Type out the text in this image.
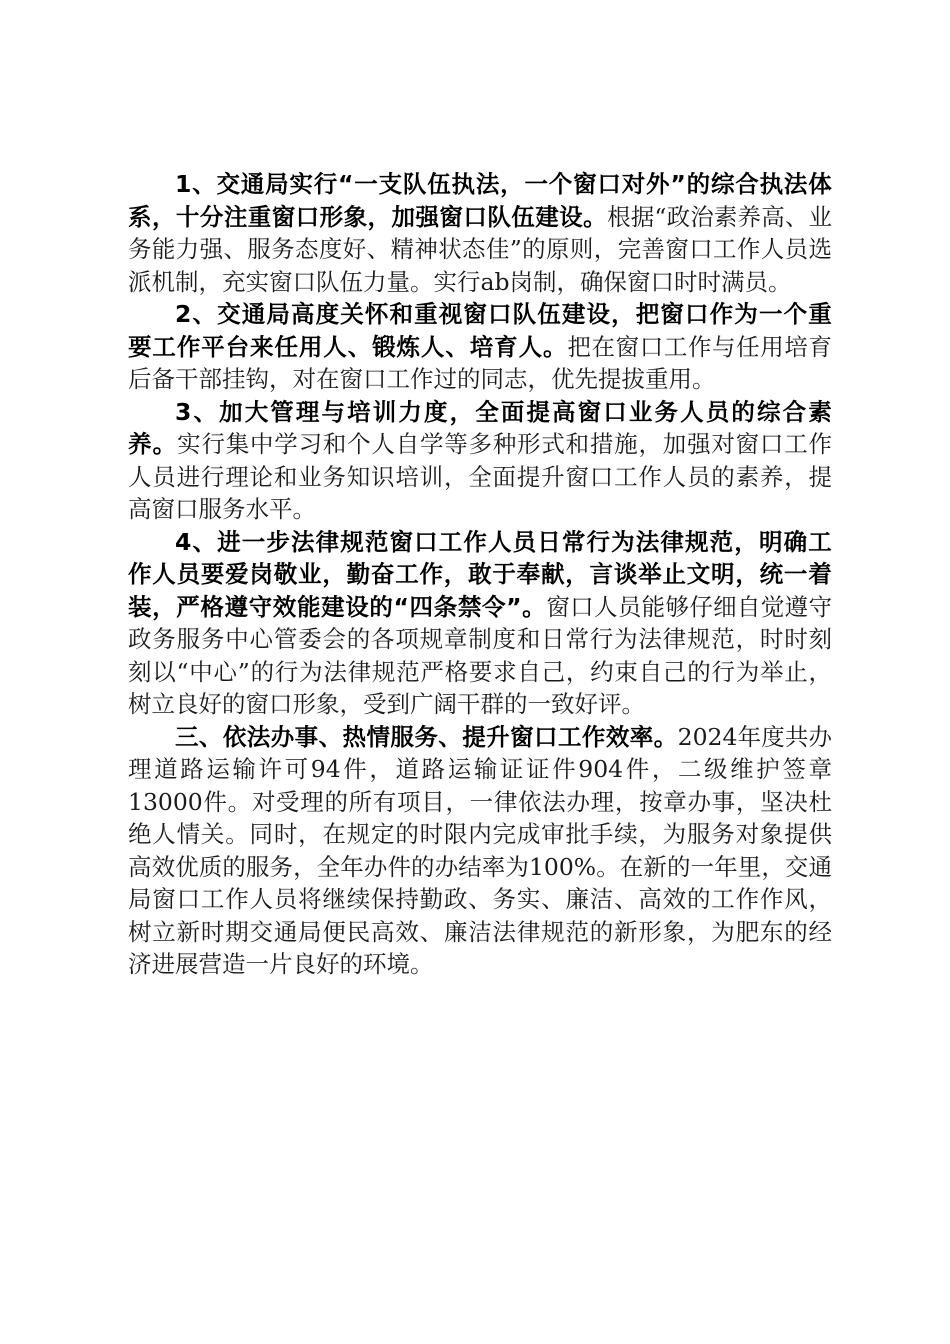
1、交通局实行“一支队伍执法，一个窗口对外”的综合执法体系，十分注重窗口形象，加强窗口队伍建设。根据“政治素养高、业务能力强、服务态度好、精神状态佳”的原则，完善窗口工作人员选派机制，充实窗口队伍力量。实行ab岗制，确保窗口时时满员。

2、交通局高度关怀和重视窗口队伍建设，把窗口作为一个重要工作平台来任用人、锻炼人、培育人。把在窗口工作与任用培育后备干部挂钩，对在窗口工作过的同志，优先提拔重用。

3、加大管理与培训力度，全面提高窗口业务人员的综合素养。实行集中学习和个人自学等多种形式和措施，加强对窗口工作人员进行理论和业务知识培训，全面提升窗口工作人员的素养，提高窗口服务水平。

4、进一步法律规范窗口工作人员日常行为法律规范，明确工作人员要爱岗敬业，勤奋工作，敢于奉献，言谈举止文明，统一着装，严格遵守效能建设的“四条禁令”。窗口人员能够仔细自觉遵守政务服务中心管委会的各项规章制度和日常行为法律规范，时时刻刻以“中心”的行为法律规范严格要求自己，约束自己的行为举止，树立良好的窗口形象，受到广阔干群的一致好评。

三、依法办事、热情服务、提升窗口工作效率。2024年度共办理道路运输许可94件，道路运输证证件904件，二级维护签章13000件。对受理的所有项目，一律依法办理，按章办事，坚决杜绝人情关。同时，在规定的时限内完成审批手续，为服务对象提供高效优质的服务，全年办件的办结率为100%。在新的一年里，交通局窗口工作人员将继续保持勤政、务实、廉洁、高效的工作作风，树立新时期交通局便民高效、廉洁法律规范的新形象，为肥东的经济进展营造一片良好的环境。
